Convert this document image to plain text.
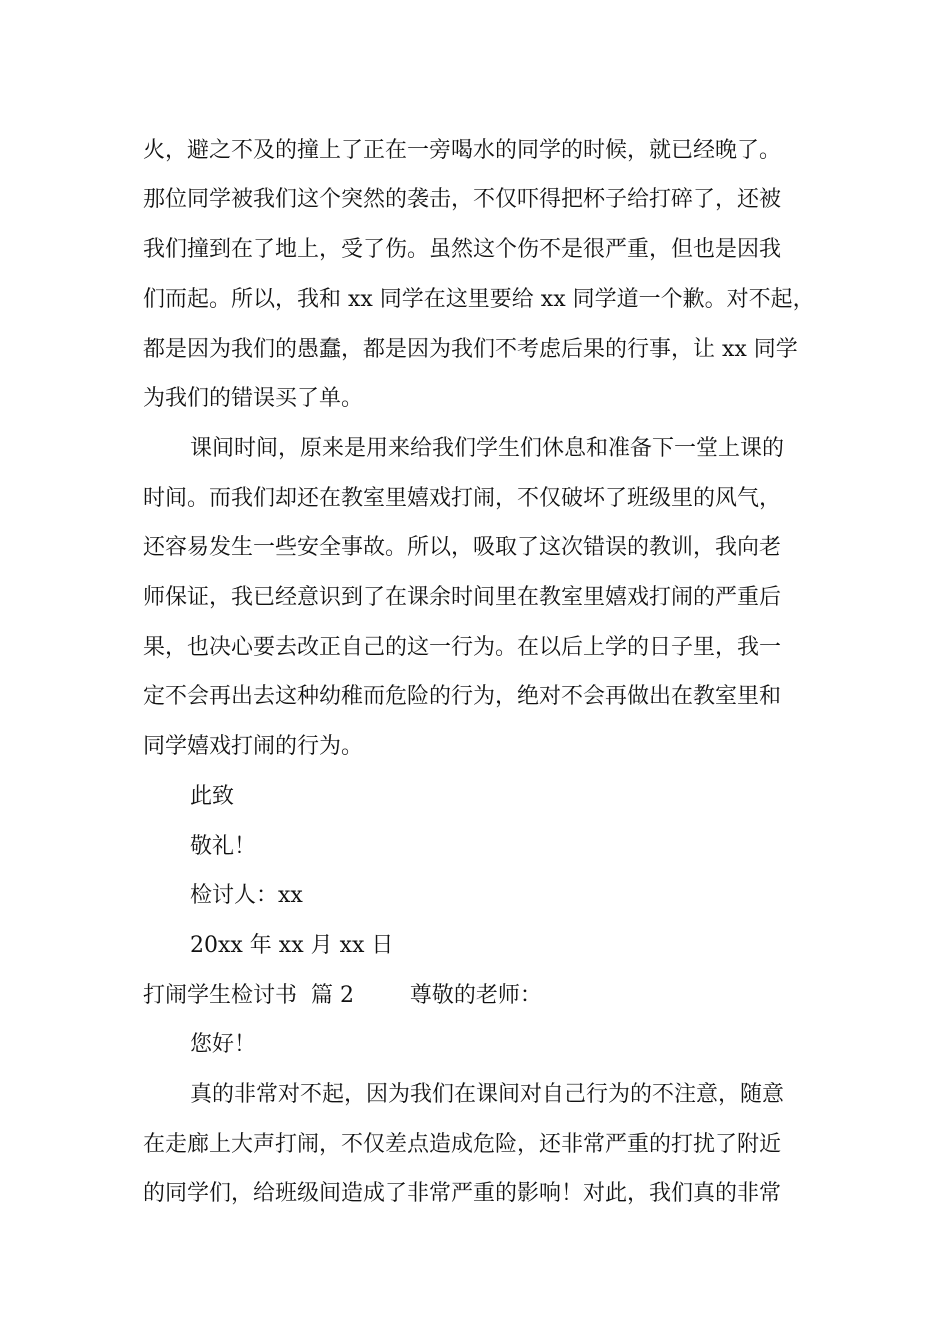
火，避之不及的撞上了正在一旁喝水的同学的时候，就已经晚了。
那位同学被我们这个突然的袭击，不仅吓得把杯子给打碎了，还被
我们撞到在了地上，受了伤。虽然这个伤不是很严重，但也是因我
们而起。所以，我和 xx 同学在这里要给 xx 同学道一个歉。对不起，
都是因为我们的愚蠢，都是因为我们不考虑后果的行事，让 xx 同学
为我们的错误买了单。
课间时间，原来是用来给我们学生们休息和准备下一堂上课的
时间。而我们却还在教室里嬉戏打闹，不仅破坏了班级里的风气，
还容易发生一些安全事故。所以，吸取了这次错误的教训，我向老
师保证，我已经意识到了在课余时间里在教室里嬉戏打闹的严重后
果，也决心要去改正自己的这一行为。在以后上学的日子里，我一
定不会再出去这种幼稚而危险的行为，绝对不会再做出在教室里和
同学嬉戏打闹的行为。
此致
敬礼！
检讨人：xx
20xx 年 xx 月 xx 日
打闹学生检讨书  篇 2        尊敬的老师：
您好！
真的非常对不起，因为我们在课间对自己行为的不注意，随意
在走廊上大声打闹，不仅差点造成危险，还非常严重的打扰了附近
的同学们，给班级间造成了非常严重的影响！对此，我们真的非常
